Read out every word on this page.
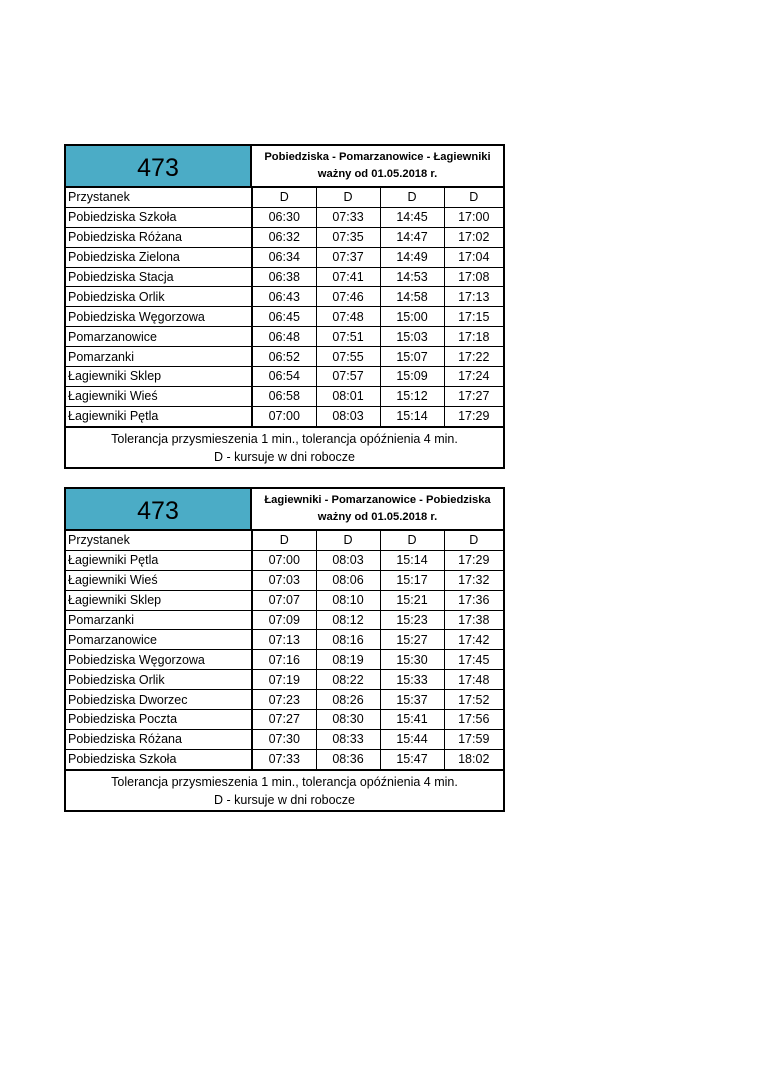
473	Pobiedziska - Pomarzanowice - Łagiewniki
ważny od 01.05.2018 r.
Przystanek	D	D	D	D
Pobiedziska Szkoła	06:30	07:33	14:45	17:00
Pobiedziska Różana	06:32	07:35	14:47	17:02
Pobiedziska Zielona	06:34	07:37	14:49	17:04
Pobiedziska Stacja	06:38	07:41	14:53	17:08
Pobiedziska Orlik	06:43	07:46	14:58	17:13
Pobiedziska Węgorzowa	06:45	07:48	15:00	17:15
Pomarzanowice	06:48	07:51	15:03	17:18
Pomarzanki	06:52	07:55	15:07	17:22
Łagiewniki Sklep	06:54	07:57	15:09	17:24
Łagiewniki Wieś	06:58	08:01	15:12	17:27
Łagiewniki Pętla	07:00	08:03	15:14	17:29
Tolerancja przysmieszenia 1 min., tolerancja opóźnienia 4 min.
D - kursuje w dni robocze
473	Łagiewniki - Pomarzanowice - Pobiedziska
ważny od 01.05.2018 r.
Przystanek	D	D	D	D
Łagiewniki Pętla	07:00	08:03	15:14	17:29
Łagiewniki Wieś	07:03	08:06	15:17	17:32
Łagiewniki Sklep	07:07	08:10	15:21	17:36
Pomarzanki	07:09	08:12	15:23	17:38
Pomarzanowice	07:13	08:16	15:27	17:42
Pobiedziska Węgorzowa	07:16	08:19	15:30	17:45
Pobiedziska Orlik	07:19	08:22	15:33	17:48
Pobiedziska Dworzec	07:23	08:26	15:37	17:52
Pobiedziska Poczta	07:27	08:30	15:41	17:56
Pobiedziska Różana	07:30	08:33	15:44	17:59
Pobiedziska Szkoła	07:33	08:36	15:47	18:02
Tolerancja przysmieszenia 1 min., tolerancja opóźnienia 4 min.
D - kursuje w dni robocze
